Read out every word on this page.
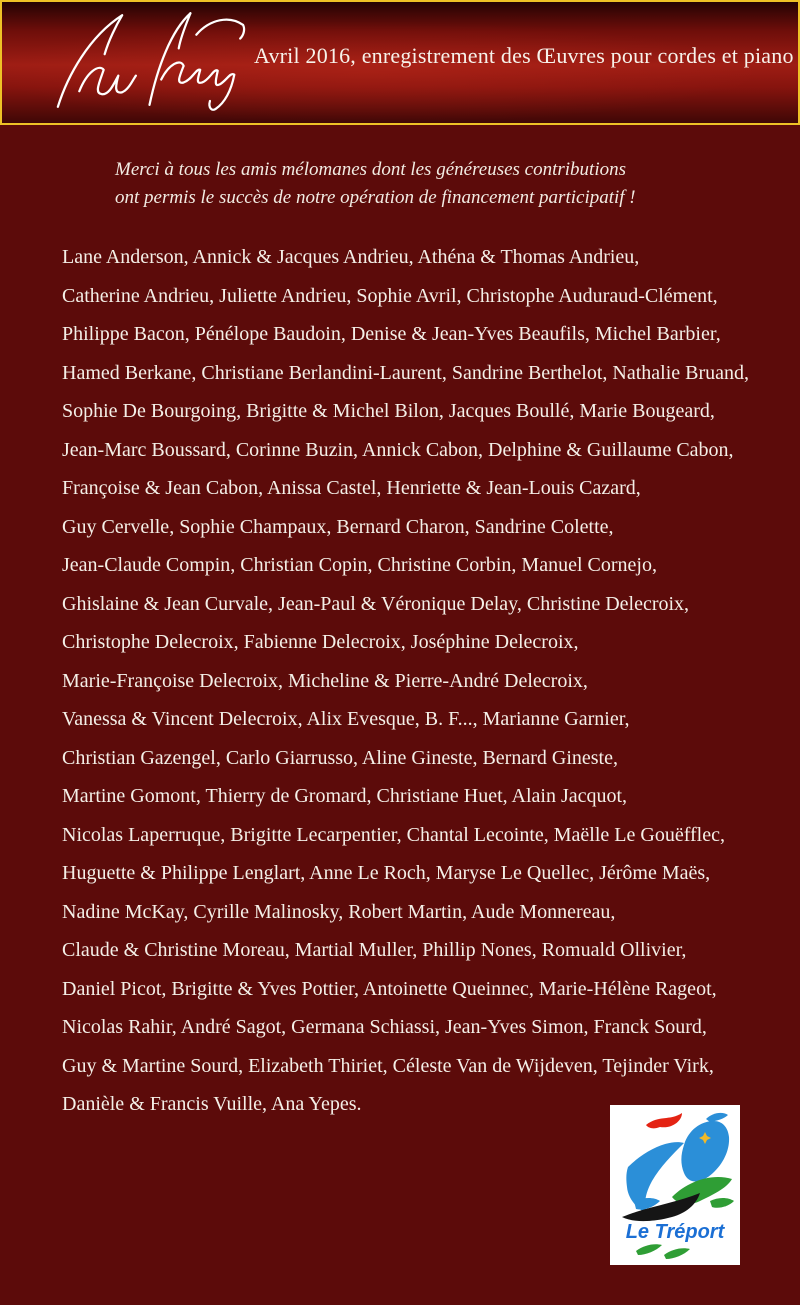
Avril 2016, enregistrement des Œuvres pour cordes et piano
Merci à tous les amis mélomanes dont les généreuses contributions
ont permis le succès de notre opération de financement participatif !
Lane Anderson, Annick & Jacques Andrieu, Athéna & Thomas Andrieu,
Catherine Andrieu, Juliette Andrieu, Sophie Avril, Christophe Auduraud-Clément,
Philippe Bacon, Pénélope Baudoin, Denise & Jean-Yves Beaufils, Michel Barbier,
Hamed Berkane, Christiane Berlandini-Laurent, Sandrine Berthelot, Nathalie Bruand,
Sophie De Bourgoing, Brigitte & Michel Bilon, Jacques Boullé, Marie Bougeard,
Jean-Marc Boussard, Corinne Buzin, Annick Cabon, Delphine & Guillaume Cabon,
Françoise & Jean Cabon, Anissa Castel, Henriette & Jean-Louis Cazard,
Guy Cervelle, Sophie Champaux, Bernard Charon, Sandrine Colette,
Jean-Claude Compin, Christian Copin, Christine Corbin, Manuel Cornejo,
Ghislaine & Jean Curvale, Jean-Paul & Véronique Delay, Christine Delecroix,
Christophe Delecroix, Fabienne Delecroix, Joséphine Delecroix,
Marie-Françoise Delecroix, Micheline & Pierre-André Delecroix,
Vanessa & Vincent Delecroix, Alix Evesque, B. F..., Marianne Garnier,
Christian Gazengel, Carlo Giarrusso, Aline Gineste, Bernard Gineste,
Martine Gomont, Thierry de Gromard, Christiane Huet, Alain Jacquot,
Nicolas Laperruque, Brigitte Lecarpentier, Chantal Lecointe, Maëlle Le Gouëfflec,
Huguette & Philippe Lenglart, Anne Le Roch, Maryse Le Quellec, Jérôme Maës,
Nadine McKay, Cyrille Malinosky, Robert Martin, Aude Monnereau,
Claude & Christine Moreau, Martial Muller, Phillip Nones, Romuald Ollivier,
Daniel Picot, Brigitte & Yves Pottier, Antoinette Queinnec, Marie-Hélène Rageot,
Nicolas Rahir, André Sagot, Germana Schiassi, Jean-Yves Simon, Franck Sourd,
Guy & Martine Sourd, Elizabeth Thiriet, Céleste Van de Wijdeven, Tejinder Virk,
Danièle & Francis Vuille, Ana Yepes.
Le Tréport
